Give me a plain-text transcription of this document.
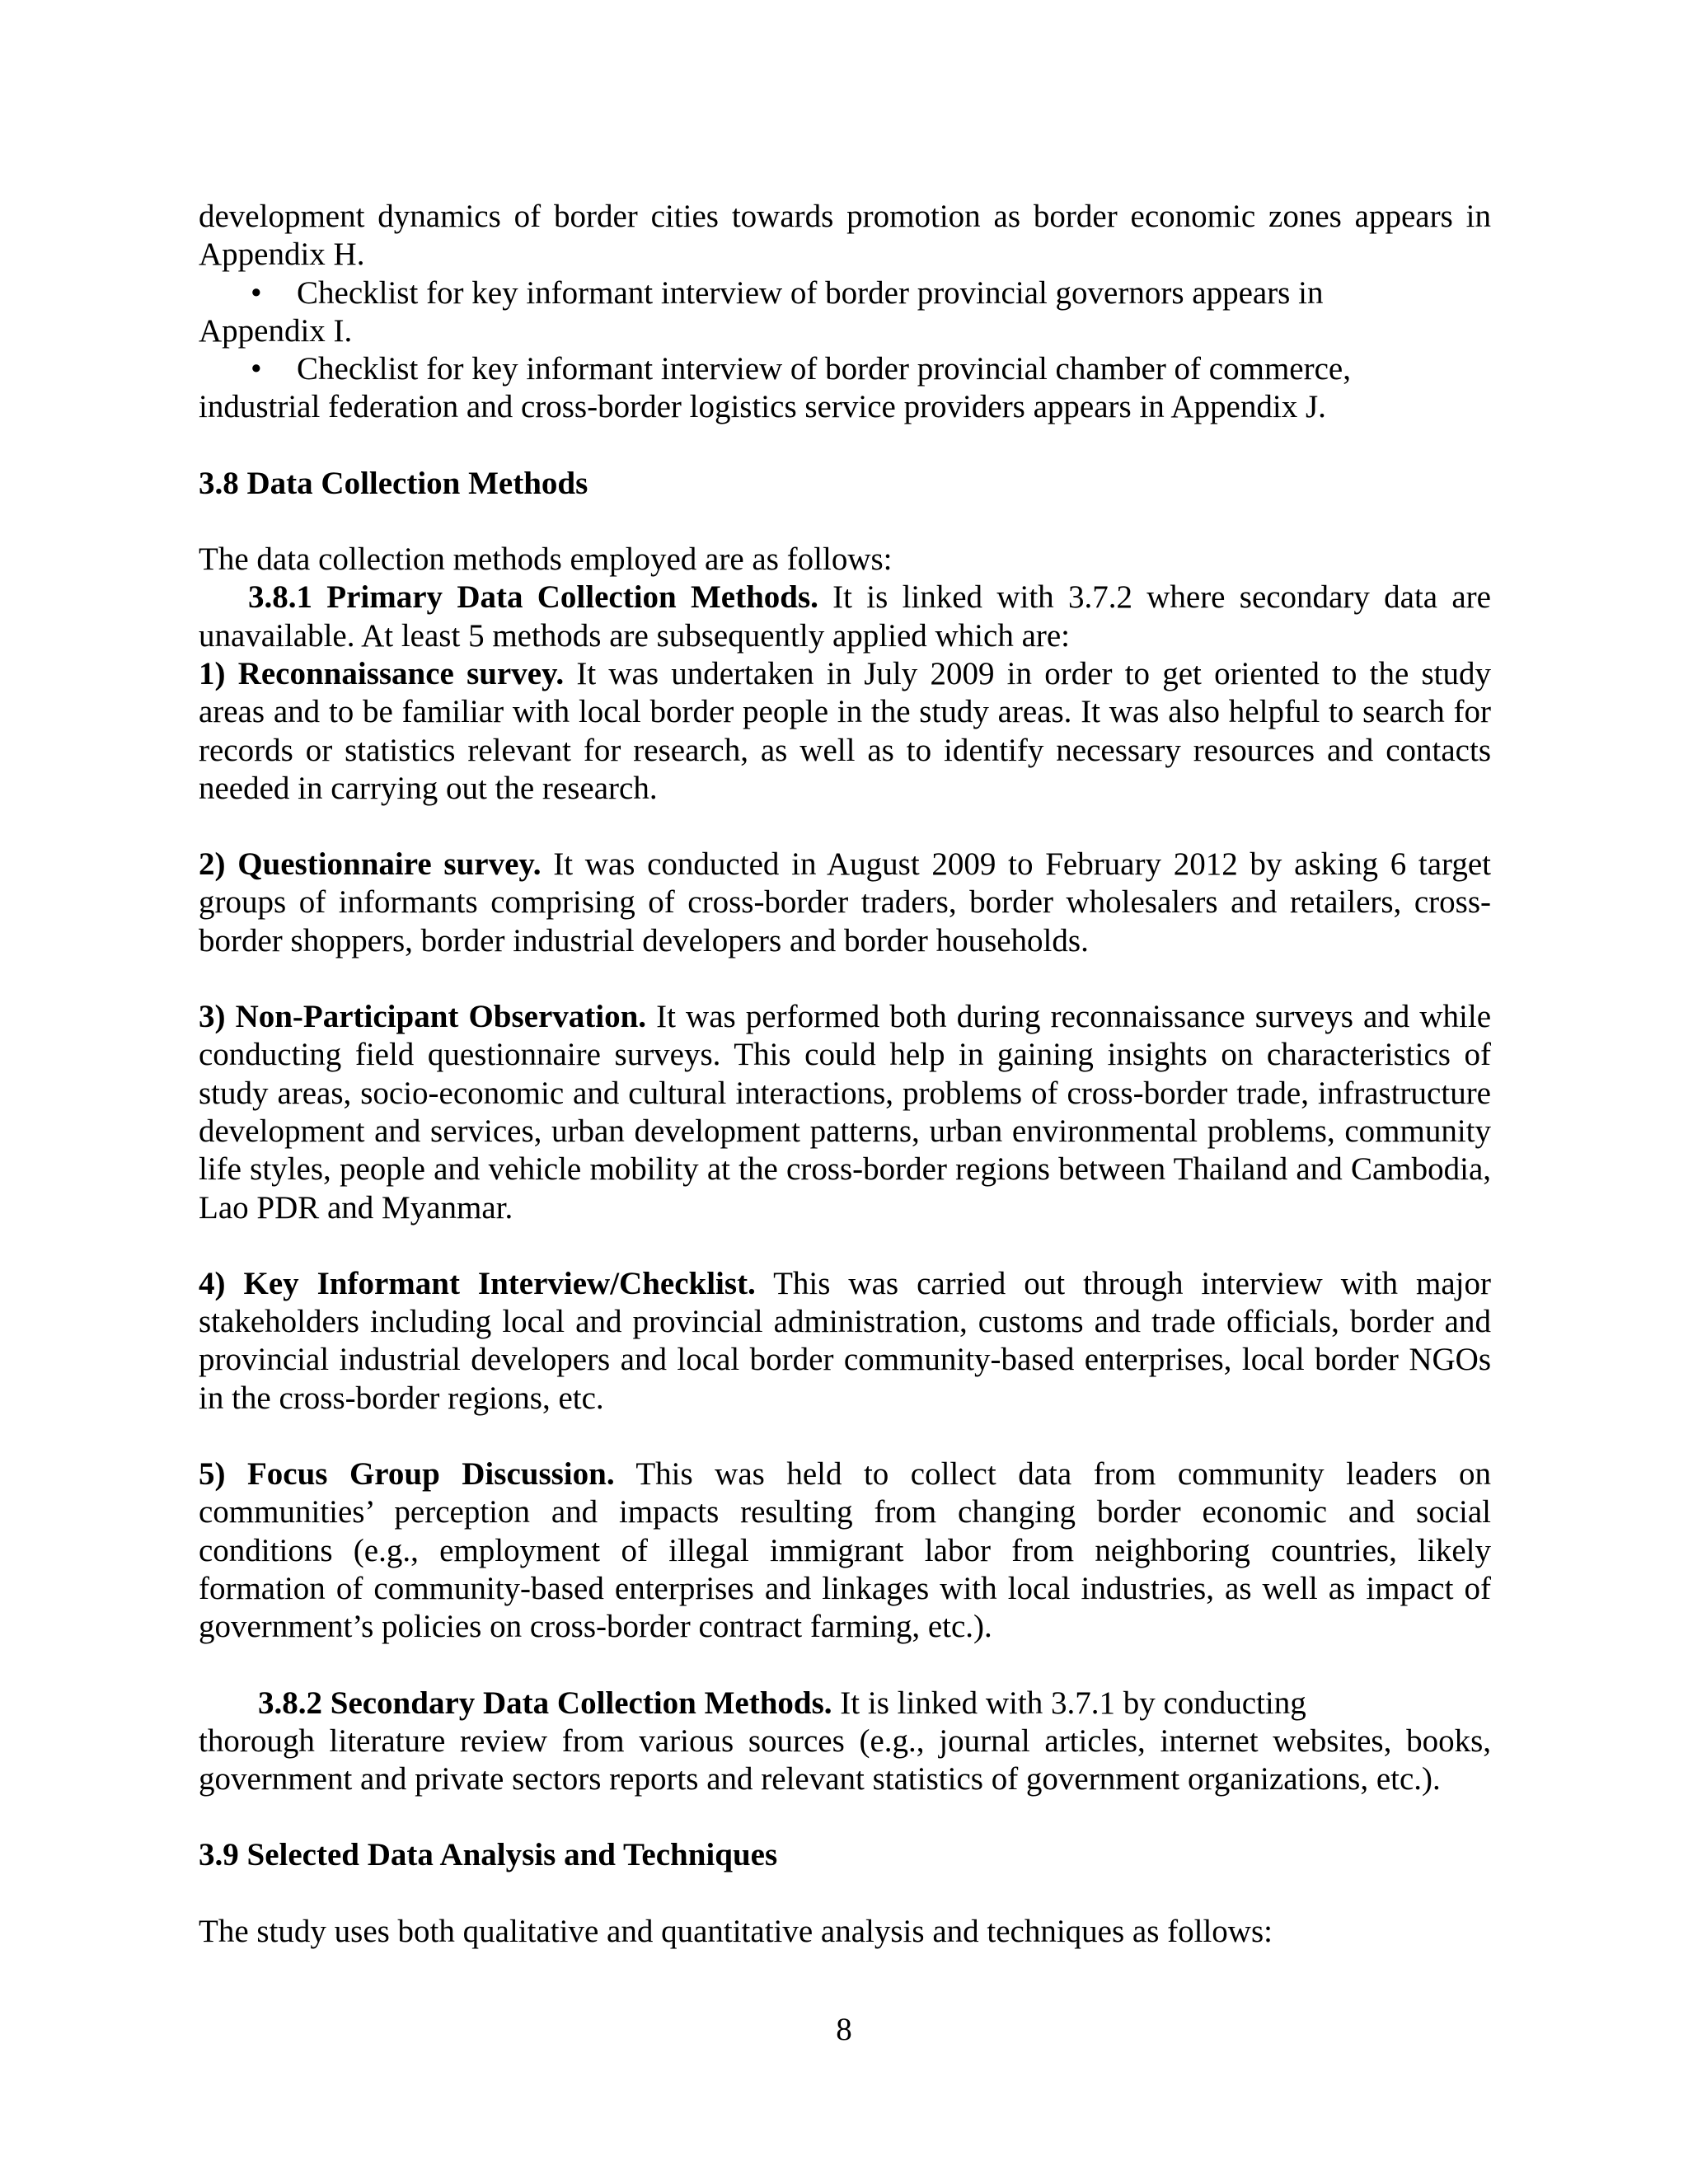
development dynamics of border cities towards promotion as border economic zones appears in Appendix H.

• Checklist for key informant interview of border provincial governors appears in
Appendix I.
• Checklist for key informant interview of border provincial chamber of commerce,
industrial federation and cross-border logistics service providers appears in Appendix J.
3.8 Data Collection Methods

The data collection methods employed are as follows:

3.8.1 Primary Data Collection Methods. It is linked with 3.7.2 where secondary data are unavailable. At least 5 methods are subsequently applied which are:

1) Reconnaissance survey. It was undertaken in July 2009 in order to get oriented to the study areas and to be familiar with local border people in the study areas. It was also helpful to search for records or statistics relevant for research, as well as to identify necessary resources and contacts needed in carrying out the research.

2) Questionnaire survey. It was conducted in August 2009 to February 2012 by asking 6 target groups of informants comprising of cross-border traders, border wholesalers and retailers, cross-border shoppers, border industrial developers and border households.

3) Non-Participant Observation. It was performed both during reconnaissance surveys and while conducting field questionnaire surveys. This could help in gaining insights on characteristics of study areas, socio-economic and cultural interactions, problems of cross-border trade, infrastructure development and services, urban development patterns, urban environmental problems, community life styles, people and vehicle mobility at the cross-border regions between Thailand and Cambodia, Lao PDR and Myanmar.

4) Key Informant Interview/Checklist. This was carried out through interview with major stakeholders including local and provincial administration, customs and trade officials, border and provincial industrial developers and local border community-based enterprises, local border NGOs in the cross-border regions, etc.

5) Focus Group Discussion. This was held to collect data from community leaders on communities’ perception and impacts resulting from changing border economic and social conditions (e.g., employment of illegal immigrant labor from neighboring countries, likely formation of community-based enterprises and linkages with local industries, as well as impact of government’s policies on cross-border contract farming, etc.).

3.8.2 Secondary Data Collection Methods. It is linked with 3.7.1 by conducting

thorough literature review from various sources (e.g., journal articles, internet websites, books, government and private sectors reports and relevant statistics of government organizations, etc.).

3.9 Selected Data Analysis and Techniques

The study uses both qualitative and quantitative analysis and techniques as follows:

8
